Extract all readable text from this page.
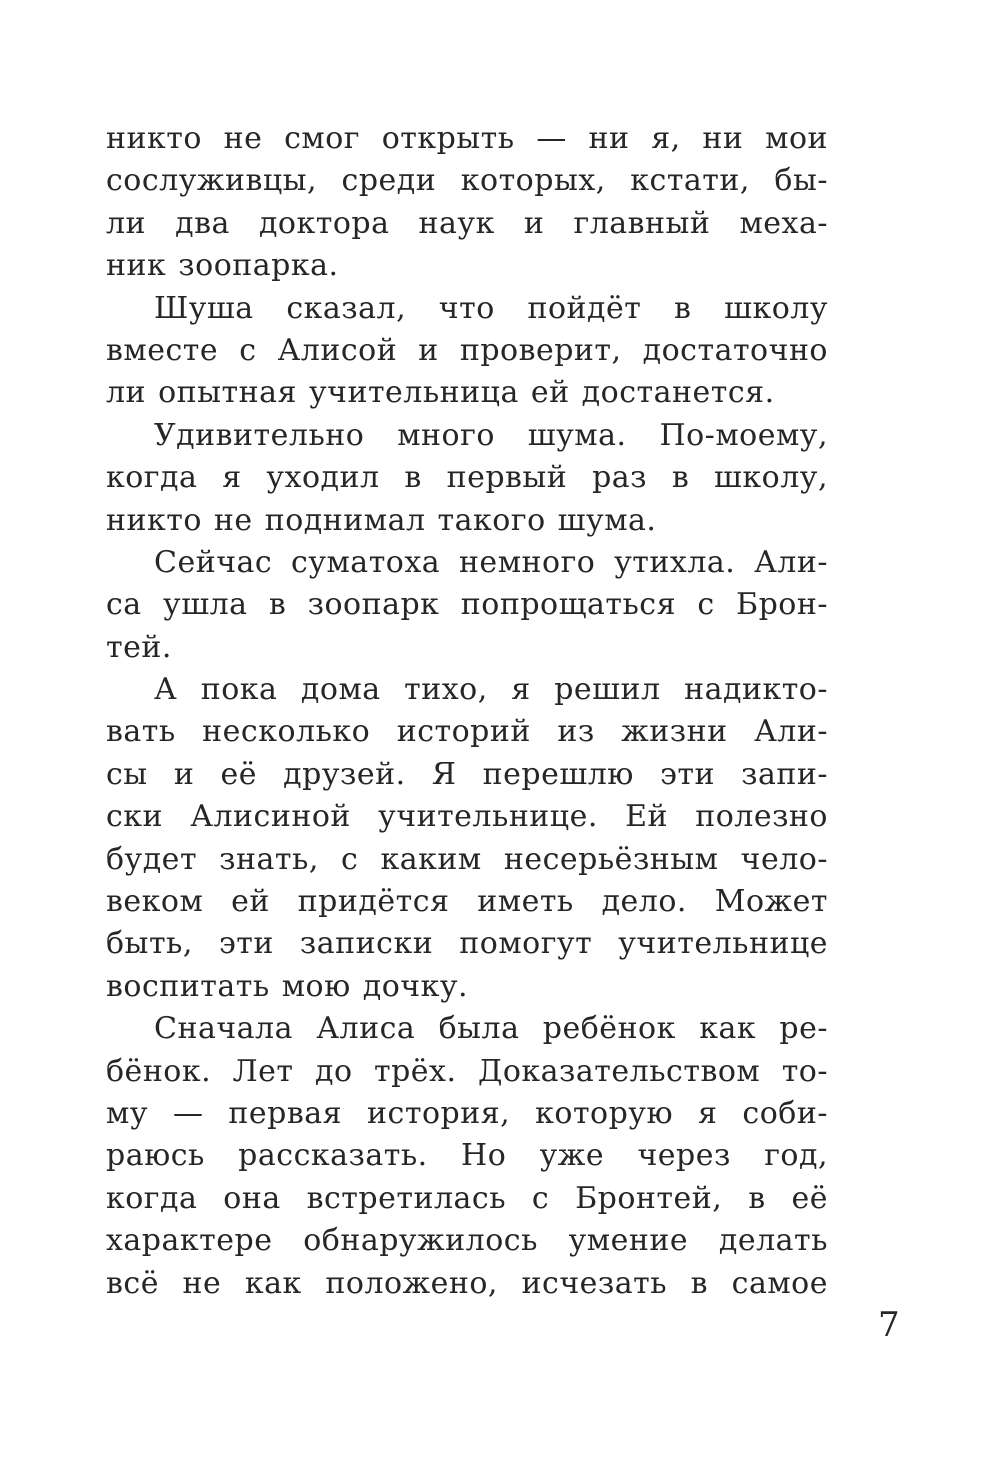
никто не смог открыть — ни я, ни мои
сослуживцы, среди которых, кстати, бы-
ли два доктора наук и главный меха-
ник зоопарка.
Шуша сказал, что пойдёт в школу
вместе с Алисой и проверит, достаточно
ли опытная учительница ей достанется.
Удивительно много шума. По-моему,
когда я уходил в первый раз в школу,
никто не поднимал такого шума.
Сейчас суматоха немного утихла. Али-
са ушла в зоопарк попрощаться с Брон-
тей.
А пока дома тихо, я решил надикто-
вать несколько историй из жизни Али-
сы и её друзей. Я перешлю эти запи-
ски Алисиной учительнице. Ей полезно
будет знать, с каким несерьёзным чело-
веком ей придётся иметь дело. Может
быть, эти записки помогут учительнице
воспитать мою дочку.
Сначала Алиса была ребёнок как ре-
бёнок. Лет до трёх. Доказательством то-
му — первая история, которую я соби-
раюсь рассказать. Но уже через год,
когда она встретилась с Бронтей, в её
характере обнаружилось умение делать
всё не как положено, исчезать в самое
7
